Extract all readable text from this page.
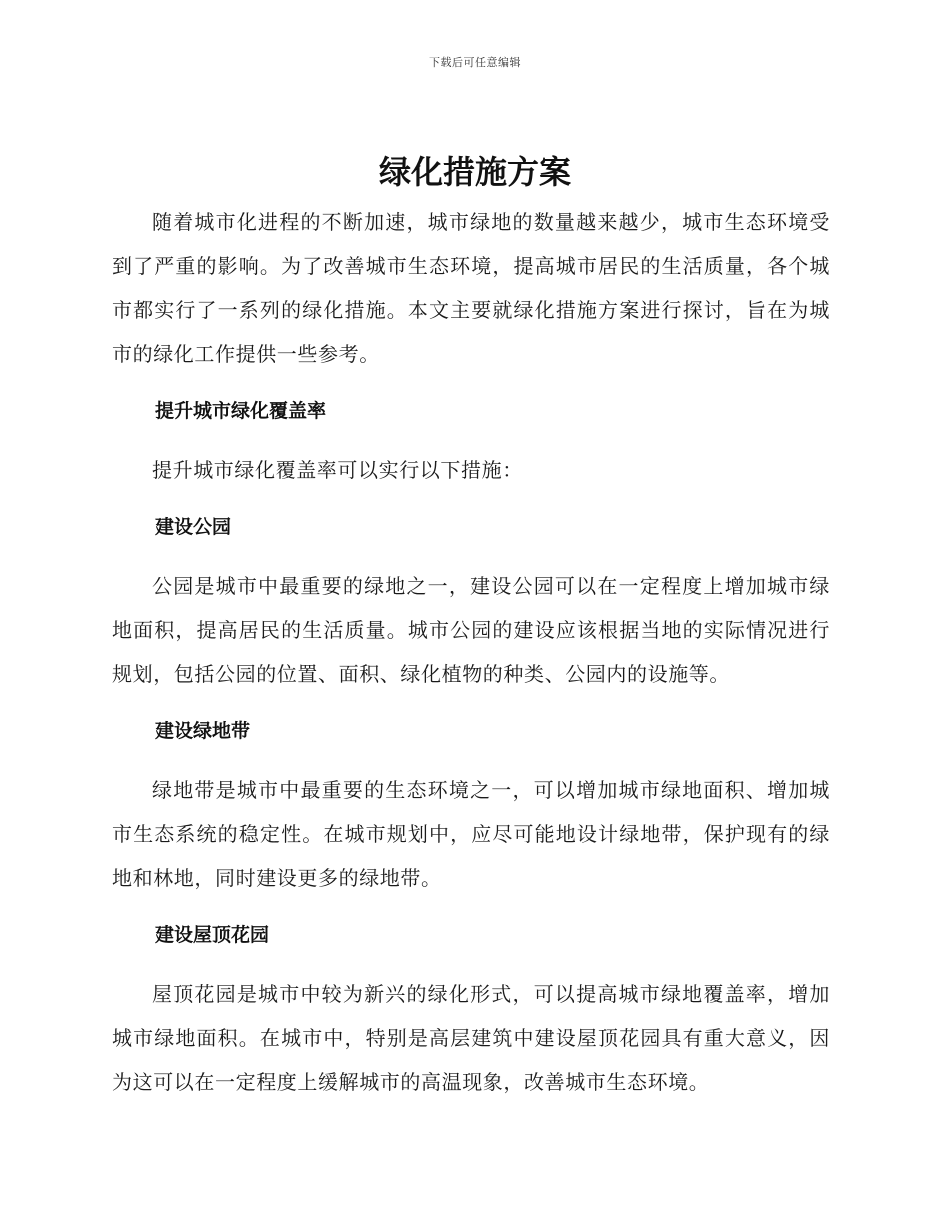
下载后可任意编辑
绿化措施方案

随着城市化进程的不断加速，城市绿地的数量越来越少，城市生态环境受到了严重的影响。为了改善城市生态环境，提高城市居民的生活质量，各个城市都实行了一系列的绿化措施。本文主要就绿化措施方案进行探讨，旨在为城市的绿化工作提供一些参考。

提升城市绿化覆盖率

提升城市绿化覆盖率可以实行以下措施：

建设公园

公园是城市中最重要的绿地之一，建设公园可以在一定程度上增加城市绿地面积，提高居民的生活质量。城市公园的建设应该根据当地的实际情况进行规划，包括公园的位置、面积、绿化植物的种类、公园内的设施等。

建设绿地带

绿地带是城市中最重要的生态环境之一，可以增加城市绿地面积、增加城市生态系统的稳定性。在城市规划中，应尽可能地设计绿地带，保护现有的绿地和林地，同时建设更多的绿地带。

建设屋顶花园

屋顶花园是城市中较为新兴的绿化形式，可以提高城市绿地覆盖率，增加城市绿地面积。在城市中，特别是高层建筑中建设屋顶花园具有重大意义，因为这可以在一定程度上缓解城市的高温现象，改善城市生态环境。
